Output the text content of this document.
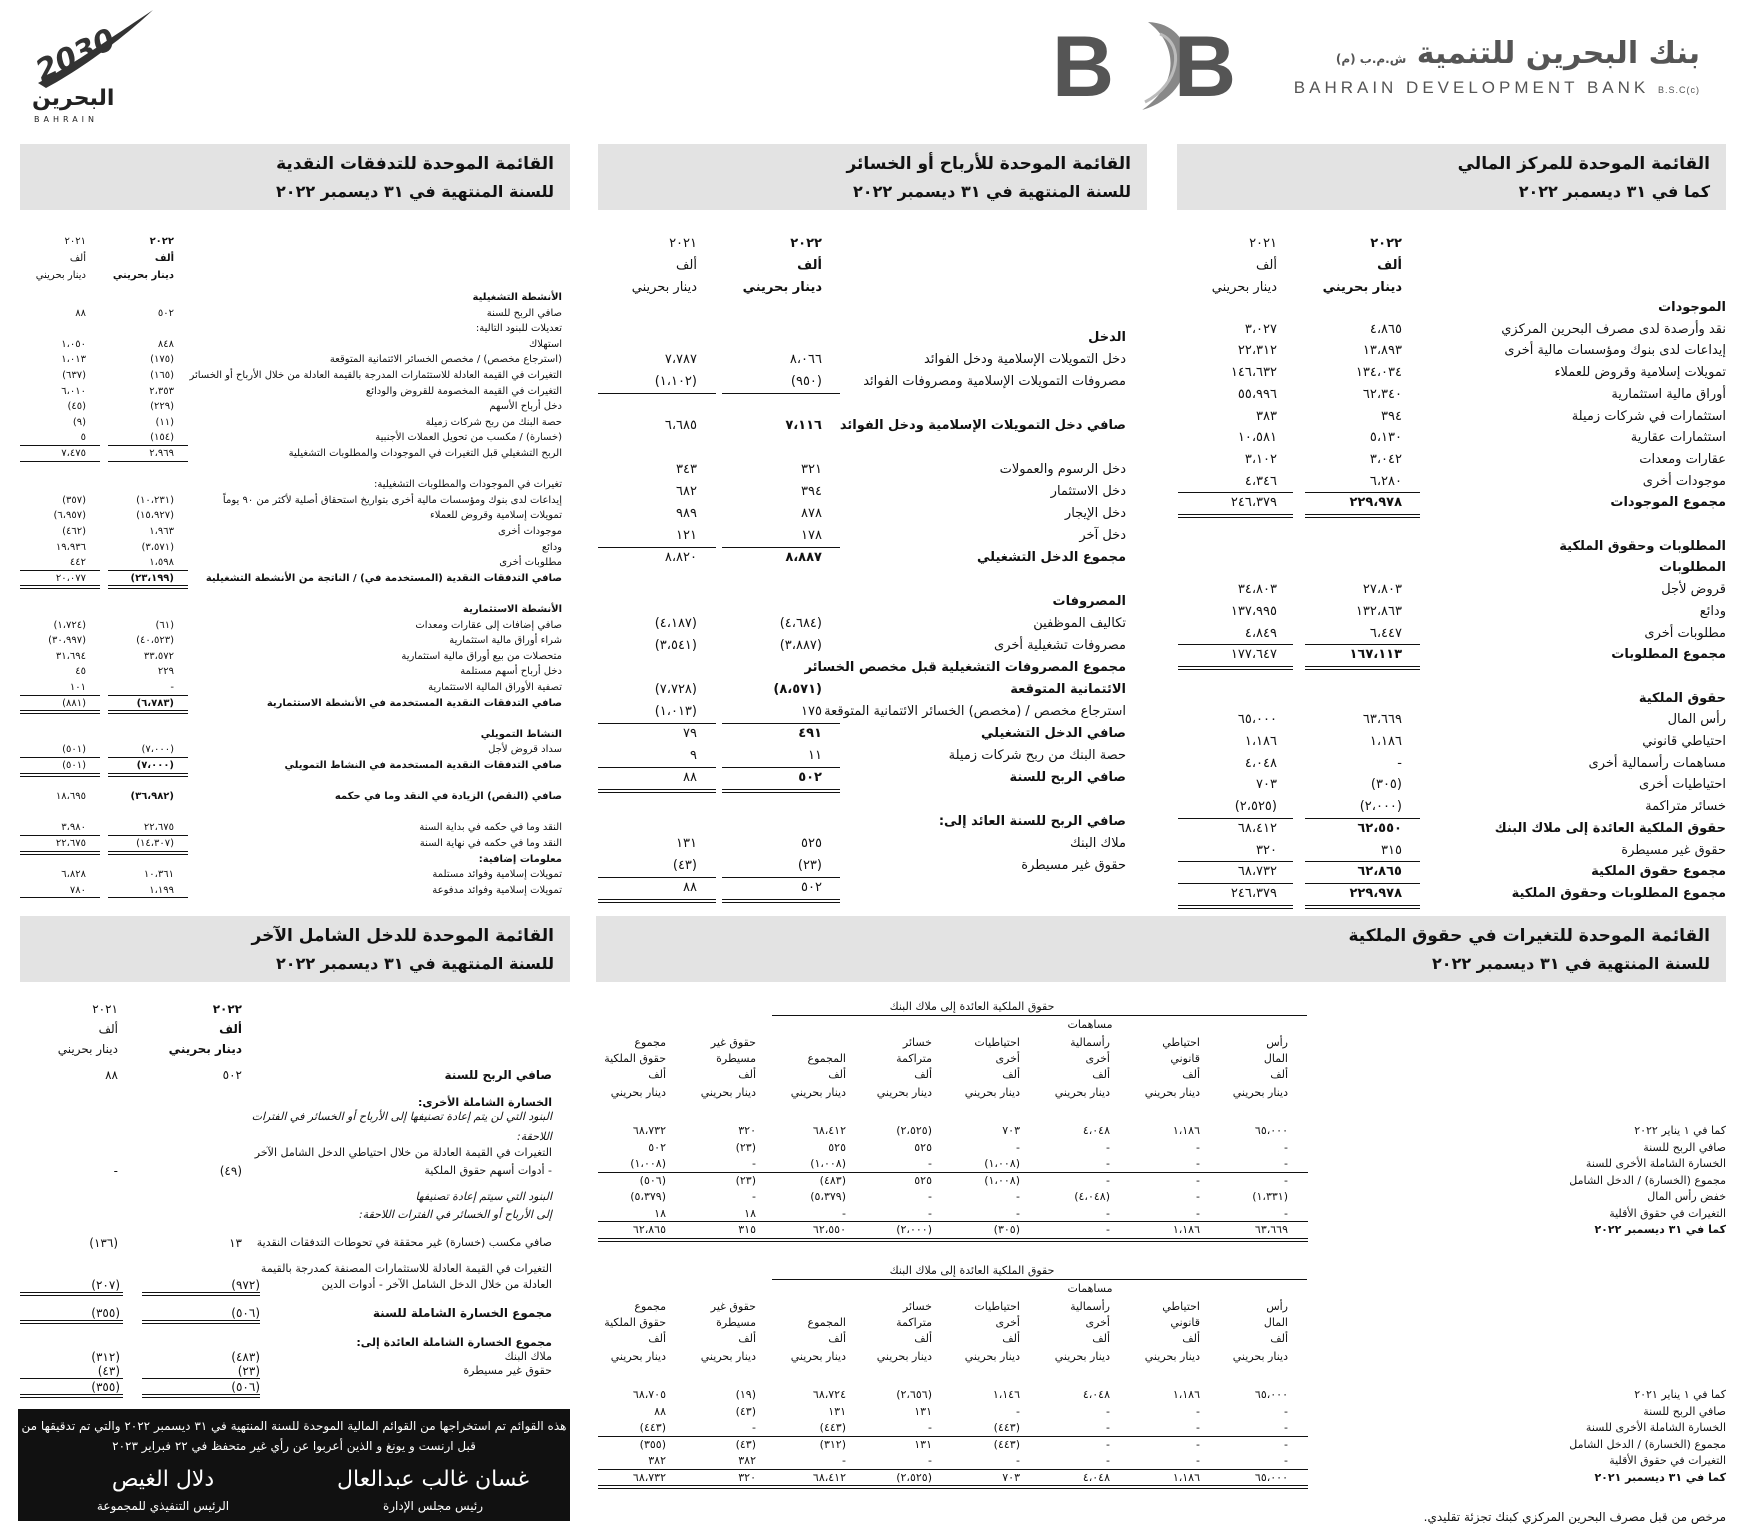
B B	بنك البحرين للتنمية ش.م.ب (م)
BAHRAIN DEVELOPMENT BANK B.S.C(c)
2030
البحرين
BAHRAIN
القائمة الموحدة للمركز المالي
كما في ٣١ ديسمبر ٢٠٢٢
القائمة الموحدة للأرباح أو الخسائر
للسنة المنتهية في ٣١ ديسمبر ٢٠٢٢
القائمة الموحدة للتدفقات النقدية
للسنة المنتهية في ٣١ ديسمبر ٢٠٢٢
القائمة الموحدة للتغيرات في حقوق الملكية
للسنة المنتهية في ٣١ ديسمبر ٢٠٢٢
القائمة الموحدة للدخل الشامل الآخر
للسنة المنتهية في ٣١ ديسمبر ٢٠٢٢
٢٠٢٢
٢٠٢١
ألف
ألف
دينار بحريني
دينار بحريني
الموجودات
نقد وأرصدة لدى مصرف البحرين المركزي
٤،٨٦٥
٣،٠٢٧
إيداعات لدى بنوك ومؤسسات مالية أخرى
١٣،٨٩٣
٢٢،٣١٢
تمويلات إسلامية وقروض للعملاء
١٣٤،٠٣٤
١٤٦،٦٣٢
أوراق مالية استثمارية
٦٢،٣٤٠
٥٥،٩٩٦
استثمارات في شركات زميلة
٣٩٤
٣٨٣
استثمارات عقارية
٥،١٣٠
١٠،٥٨١
عقارات ومعدات
٣،٠٤٢
٣،١٠٢
موجودات أخرى
٦،٢٨٠
٤،٣٤٦
مجموع الموجودات
٢٢٩،٩٧٨
٢٤٦،٣٧٩
المطلوبات وحقوق الملكية
المطلوبات
قروض لأجل
٢٧،٨٠٣
٣٤،٨٠٣
ودائع
١٣٢،٨٦٣
١٣٧،٩٩٥
مطلوبات أخرى
٦،٤٤٧
٤،٨٤٩
مجموع المطلوبات
١٦٧،١١٣
١٧٧،٦٤٧
حقوق الملكية
رأس المال
٦٣،٦٦٩
٦٥،٠٠٠
احتياطي قانوني
١،١٨٦
١،١٨٦
مساهمات رأسمالية أخرى
-
٤،٠٤٨
احتياطيات أخرى
(٣٠٥)
٧٠٣
خسائر متراكمة
(٢،٠٠٠)
(٢،٥٢٥)
حقوق الملكية العائدة إلى ملاك البنك
٦٢،٥٥٠
٦٨،٤١٢
حقوق غير مسيطرة
٣١٥
٣٢٠
مجموع حقوق الملكية
٦٢،٨٦٥
٦٨،٧٣٢
مجموع المطلوبات وحقوق الملكية
٢٢٩،٩٧٨
٢٤٦،٣٧٩
٢٠٢٢
٢٠٢١
ألف
ألف
دينار بحريني
دينار بحريني
الدخل
دخل التمويلات الإسلامية ودخل الفوائد
٨،٠٦٦
٧،٧٨٧
مصروفات التمويلات الإسلامية ومصروفات الفوائد
(٩٥٠)
(١،١٠٢)
صافي دخل التمويلات الإسلامية ودخل الفوائد
٧،١١٦
٦،٦٨٥
دخل الرسوم والعمولات
٣٢١
٣٤٣
دخل الاستثمار
٣٩٤
٦٨٢
دخل الإيجار
٨٧٨
٩٨٩
دخل آخر
١٧٨
١٢١
مجموع الدخل التشغيلي
٨،٨٨٧
٨،٨٢٠
المصروفات
تكاليف الموظفين
(٤،٦٨٤)
(٤،١٨٧)
مصروفات تشغيلية أخرى
(٣،٨٨٧)
(٣،٥٤١)
مجموع المصروفات التشغيلية قبل مخصص الخسائر
الائتمانية المتوقعة
(٨،٥٧١)
(٧،٧٢٨)
استرجاع مخصص / (مخصص) الخسائر الائتمانية المتوقعة
١٧٥
(١،٠١٣)
صافي الدخل التشغيلي
٤٩١
٧٩
حصة البنك من ربح شركات زميلة
١١
٩
صافي الربح للسنة
٥٠٢
٨٨
صافي الربح للسنة العائد إلى:
ملاك البنك
٥٢٥
١٣١
حقوق غير مسيطرة
(٢٣)
(٤٣)
٥٠٢
٨٨
٢٠٢٢
٢٠٢١
ألف
ألف
دينار بحريني
دينار بحريني
الأنشطة التشغيلية
صافي الربح للسنة
٥٠٢
٨٨
تعديلات للبنود التالية:
استهلاك
٨٤٨
١،٠٥٠
(استرجاع مخصص) / مخصص الخسائر الائتمانية المتوقعة
(١٧٥)
١،٠١٣
التغيرات في القيمة العادلة للاستثمارات المدرجة بالقيمة العادلة من خلال الأرباح أو الخسائر
(١٦٥)
(٦٣٧)
التغيرات في القيمة المخصومة للقروض والودائع
٢،٣٥٣
٦،٠١٠
دخل أرباح الأسهم
(٢٢٩)
(٤٥)
حصة البنك من ربح شركات زميلة
(١١)
(٩)
(خسارة) / مكسب من تحويل العملات الأجنبية
(١٥٤)
٥
الربح التشغيلي قبل التغيرات في الموجودات والمطلوبات التشغيلية
٢،٩٦٩
٧،٤٧٥
تغيرات في الموجودات والمطلوبات التشغيلية:
إيداعات لدى بنوك ومؤسسات مالية أخرى بتواريخ استحقاق أصلية لأكثر من ٩٠ يوماً
(١٠،٢٣١)
(٣٥٧)
تمويلات إسلامية وقروض للعملاء
(١٥،٩٢٧)
(٦،٩٥٧)
موجودات أخرى
١،٩٦٣
(٤٦٢)
ودائع
(٣،٥٧١)
١٩،٩٣٦
مطلوبات أخرى
١،٥٩٨
٤٤٢
صافي التدفقات النقدية (المستخدمة في) / الناتجة من الأنشطة التشغيلية
(٢٣،١٩٩)
٢٠،٠٧٧
الأنشطة الاستثمارية
صافي إضافات إلى عقارات ومعدات
(٦١)
(١،٧٢٤)
شراء أوراق مالية استثمارية
(٤٠،٥٢٣)
(٣٠،٩٩٧)
متحصلات من بيع أوراق مالية استثمارية
٣٣،٥٧٢
٣١،٦٩٤
دخل أرباح أسهم مستلمة
٢٢٩
٤٥
تصفية الأوراق المالية الاستثمارية
-
١٠١
صافي التدفقات النقدية المستخدمة في الأنشطة الاستثمارية
(٦،٧٨٣)
(٨٨١)
النشاط التمويلي
سداد قروض لأجل
(٧،٠٠٠)
(٥٠١)
صافي التدفقات النقدية المستخدمة في النشاط التمويلي
(٧،٠٠٠)
(٥٠١)
صافي (النقص) الزيادة في النقد وما في حكمه
(٣٦،٩٨٢)
١٨،٦٩٥
النقد وما في حكمه في بداية السنة
٢٢،٦٧٥
٣،٩٨٠
النقد وما في حكمه في نهاية السنة
(١٤،٣٠٧)
٢٢،٦٧٥
معلومات إضافية:
تمويلات إسلامية وفوائد مستلمة
١٠،٣٦١
٦،٨٢٨
تمويلات إسلامية وفوائد مدفوعة
١،١٩٩
٧٨٠
حقوق الملكية العائدة إلى ملاك البنك
مساهمات
رأس
المال
ألف
دينار بحريني
احتياطي
قانوني
ألف
دينار بحريني
رأسمالية
أخرى
ألف
دينار بحريني
احتياطيات
أخرى
ألف
دينار بحريني
خسائر
متراكمة
ألف
دينار بحريني
المجموع
ألف
دينار بحريني
حقوق غير
مسيطرة
ألف
دينار بحريني
مجموع
حقوق الملكية
ألف
دينار بحريني
كما في ١ يناير ٢٠٢٢
٦٥،٠٠٠
١،١٨٦
٤،٠٤٨
٧٠٣
(٢،٥٢٥)
٦٨،٤١٢
٣٢٠
٦٨،٧٣٢
صافي الربح للسنة
-
-
-
-
٥٢٥
٥٢٥
(٢٣)
٥٠٢
الخسارة الشاملة الأخرى للسنة
-
-
-
(١،٠٠٨)
-
(١،٠٠٨)
-
(١،٠٠٨)
مجموع (الخسارة) / الدخل الشامل
-
-
-
(١،٠٠٨)
٥٢٥
(٤٨٣)
(٢٣)
(٥٠٦)
خفض رأس المال
(١،٣٣١)
-
(٤،٠٤٨)
-
-
(٥،٣٧٩)
-
(٥،٣٧٩)
التغيرات في حقوق الأقلية
-
-
-
-
-
-
١٨
١٨
كما في ٣١ ديسمبر ٢٠٢٢
٦٣،٦٦٩
١،١٨٦
-
(٣٠٥)
(٢،٠٠٠)
٦٢،٥٥٠
٣١٥
٦٢،٨٦٥
حقوق الملكية العائدة إلى ملاك البنك
مساهمات
رأس
المال
ألف
دينار بحريني
احتياطي
قانوني
ألف
دينار بحريني
رأسمالية
أخرى
ألف
دينار بحريني
احتياطيات
أخرى
ألف
دينار بحريني
خسائر
متراكمة
ألف
دينار بحريني
المجموع
ألف
دينار بحريني
حقوق غير
مسيطرة
ألف
دينار بحريني
مجموع
حقوق الملكية
ألف
دينار بحريني
كما في ١ يناير ٢٠٢١
٦٥،٠٠٠
١،١٨٦
٤،٠٤٨
١،١٤٦
(٢،٦٥٦)
٦٨،٧٢٤
(١٩)
٦٨،٧٠٥
صافي الربح للسنة
-
-
-
-
١٣١
١٣١
(٤٣)
٨٨
الخسارة الشاملة الأخرى للسنة
-
-
-
(٤٤٣)
-
(٤٤٣)
-
(٤٤٣)
مجموع (الخسارة) / الدخل الشامل
-
-
-
(٤٤٣)
١٣١
(٣١٢)
(٤٣)
(٣٥٥)
التغيرات في حقوق الأقلية
-
-
-
-
-
-
٣٨٢
٣٨٢
كما في ٣١ ديسمبر ٢٠٢١
٦٥،٠٠٠
١،١٨٦
٤،٠٤٨
٧٠٣
(٢،٥٢٥)
٦٨،٤١٢
٣٢٠
٦٨،٧٣٢
٢٠٢٢
٢٠٢١
ألف
ألف
دينار بحريني
دينار بحريني
صافي الربح للسنة
٥٠٢
٨٨
الخسارة الشاملة الأخرى:
البنود التي لن يتم إعادة تصنيفها إلى الأرباح أو الخسائر في الفترات
اللاحقة:
التغيرات في القيمة العادلة من خلال احتياطي الدخل الشامل الآخر
- أدوات أسهم حقوق الملكية
(٤٩)
-
البنود التي سيتم إعادة تصنيفها
إلى الأرباح أو الخسائر في الفترات اللاحقة:
صافي مكسب (خسارة) غير محققة في تحوطات التدفقات النقدية
١٣
(١٣٦)
التغيرات في القيمة العادلة للاستثمارات المصنفة كمدرجة بالقيمة
العادلة من خلال الدخل الشامل الآخر - أدوات الدين
(٩٧٢)
(٢٠٧)
مجموع الخسارة الشاملة للسنة
(٥٠٦)
(٣٥٥)
مجموع الخسارة الشاملة العائدة إلى:
ملاك البنك
(٤٨٣)
(٣١٢)
حقوق غير مسيطرة
(٢٣)
(٤٣)
(٥٠٦)
(٣٥٥)
هذه القوائم تم استخراجها من القوائم المالية الموحدة للسنة المنتهية في ٣١ ديسمبر ٢٠٢٢ والتي تم تدقيقها من
قبل ارنست و يونغ و الذين أعربوا عن رأي غير متحفظ في ٢٢ فبراير ٢٠٢٣
غسان غالب عبدالعال
رئيس مجلس الإدارة
دلال الغيص
الرئيس التنفيذي للمجموعة
مرخص من قبل مصرف البحرين المركزي كبنك تجزئة تقليدي.
